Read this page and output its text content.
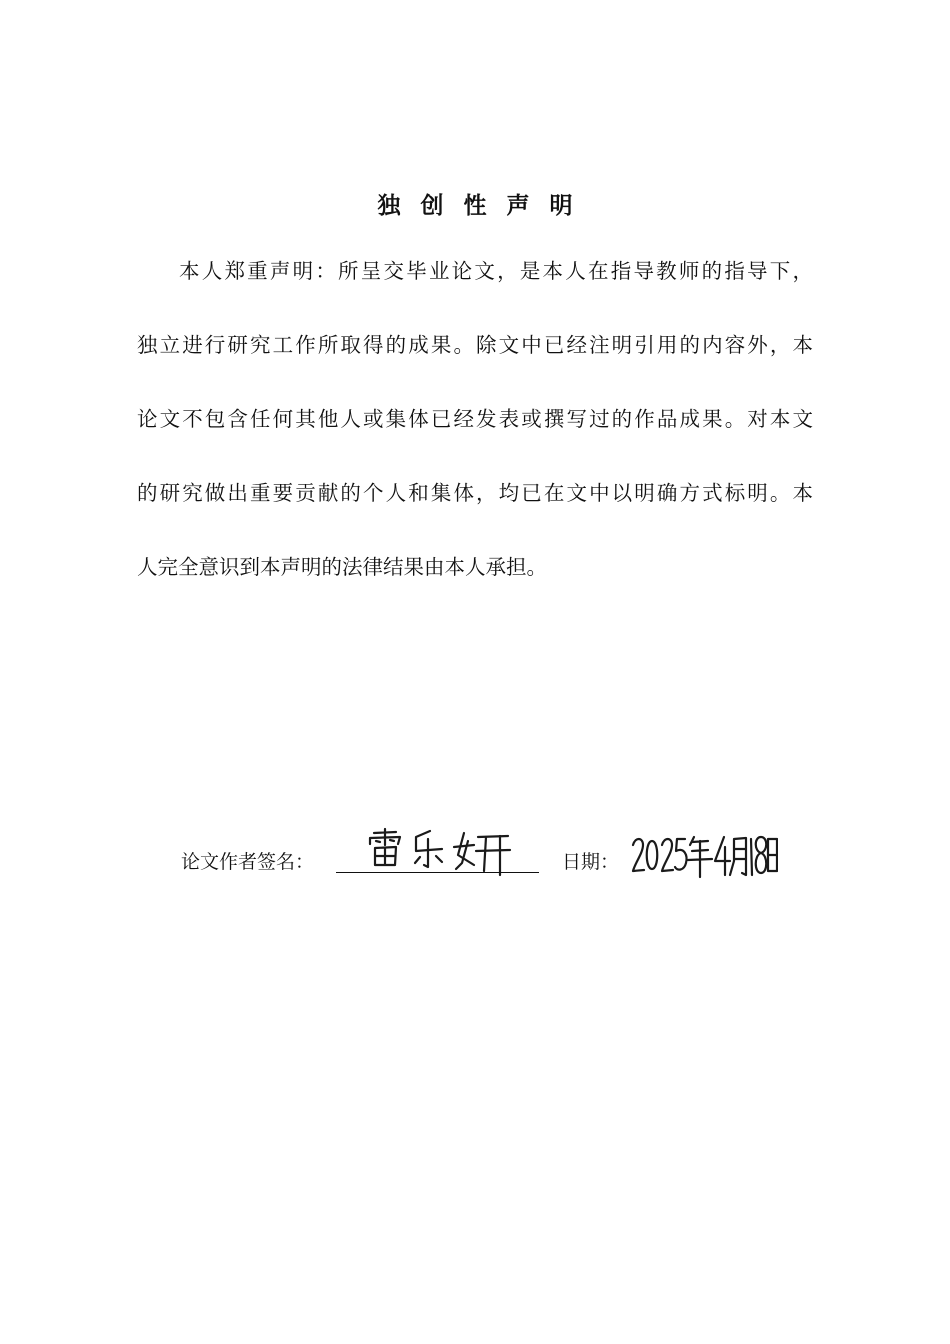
独创性声明
本人郑重声明：所呈交毕业论文，是本人在指导教师的指导下，
独立进行研究工作所取得的成果。除文中已经注明引用的内容外，本
论文不包含任何其他人或集体已经发表或撰写过的作品成果。对本文
的研究做出重要贡献的个人和集体，均已在文中以明确方式标明。本
人完全意识到本声明的法律结果由本人承担。
论文作者签名：	日期：
